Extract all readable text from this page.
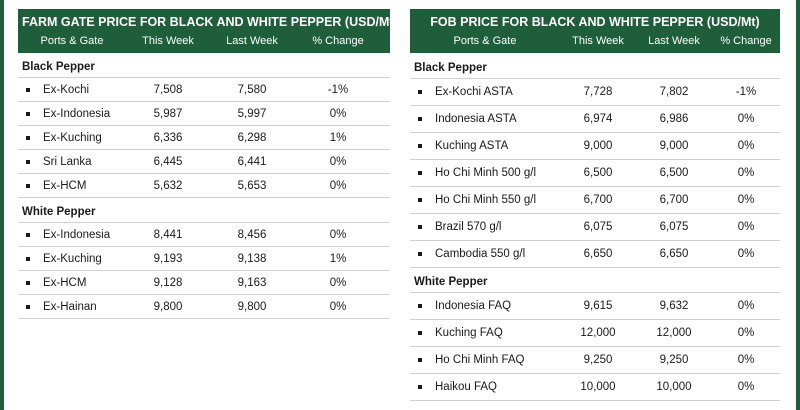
FARM GATE PRICE FOR BLACK AND WHITE PEPPER (USD/Mt)
Ports & Gate	This Week	Last Week	% Change
Black Pepper
Ex-Kochi	7,508	7,580	-1%
Ex-Indonesia	5,987	5,997	0%
Ex-Kuching	6,336	6,298	1%
Sri Lanka	6,445	6,441	0%
Ex-HCM	5,632	5,653	0%
White Pepper
Ex-Indonesia	8,441	8,456	0%
Ex-Kuching	9,193	9,138	1%
Ex-HCM	9,128	9,163	0%
Ex-Hainan	9,800	9,800	0%
FOB PRICE FOR BLACK AND WHITE PEPPER (USD/Mt)
Ports & Gate	This Week	Last Week	% Change
Black Pepper
Ex-Kochi ASTA	7,728	7,802	-1%
Indonesia ASTA	6,974	6,986	0%
Kuching ASTA	9,000	9,000	0%
Ho Chi Minh 500 g/l	6,500	6,500	0%
Ho Chi Minh 550 g/l	6,700	6,700	0%
Brazil 570 g/l	6,075	6,075	0%
Cambodia 550 g/l	6,650	6,650	0%
White Pepper
Indonesia FAQ	9,615	9,632	0%
Kuching FAQ	12,000	12,000	0%
Ho Chi Minh FAQ	9,250	9,250	0%
Haikou FAQ	10,000	10,000	0%
